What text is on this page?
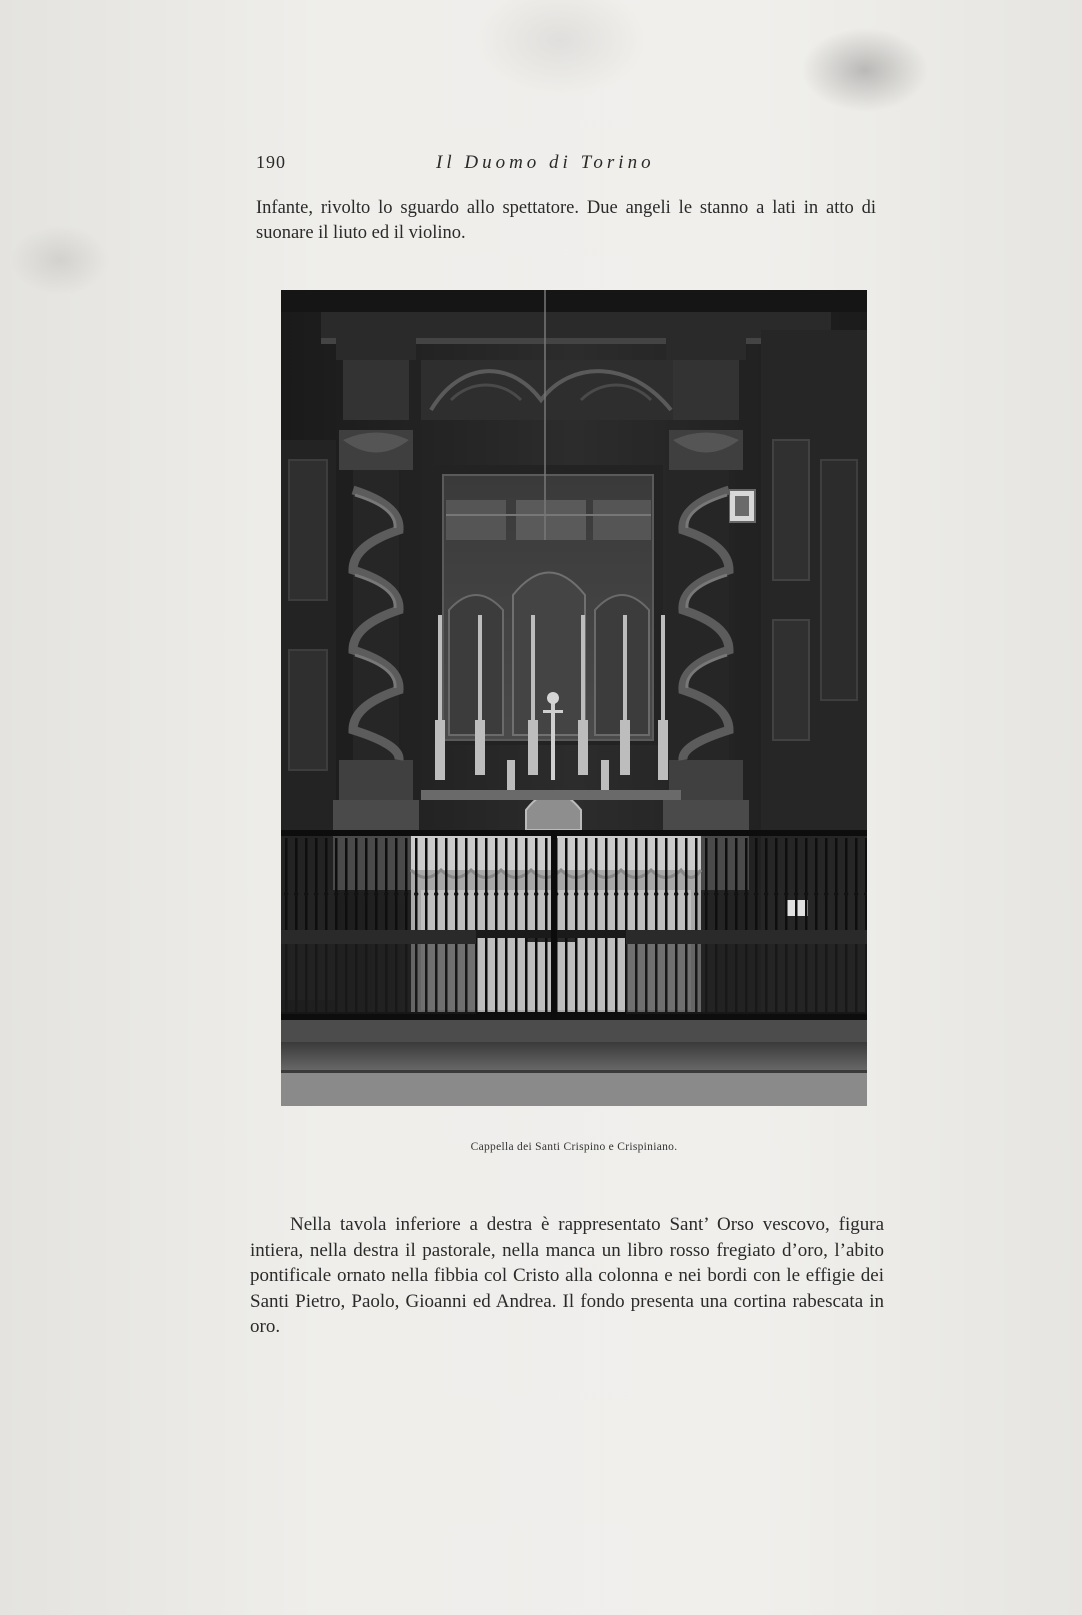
190	Il Duomo di Torino

Infante, rivolto lo sguardo allo spettatore. Due angeli le stanno a lati in atto di suonare il liuto ed il violino.

Cappella dei Santi Crispino e Crispiniano.

Nella tavola inferiore a destra è rappresentato Sant’ Orso vescovo, figura intiera, nella destra il pastorale, nella manca un libro rosso fregiato d’oro, l’abito pontificale ornato nella fibbia col Cristo alla colonna e nei bordi con le effigie dei Santi Pietro, Paolo, Gioanni ed Andrea. Il fondo presenta una cortina rabescata in oro.
